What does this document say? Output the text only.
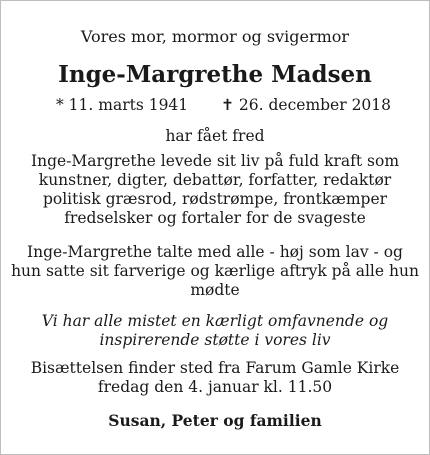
Vores mor, mormor og svigermor
Inge-Margrethe Madsen
* 11. marts 1941 ✝ 26. december 2018
har fået fred
Inge-Margrethe levede sit liv på fuld kraft som
kunstner, digter, debattør, forfatter, redaktør
politisk græsrod, rødstrømpe, frontkæmper
fredselsker og fortaler for de svageste
Inge-Margrethe talte med alle - høj som lav - og
hun satte sit farverige og kærlige aftryk på alle hun
mødte
Vi har alle mistet en kærligt omfavnende og
inspirerende støtte i vores liv
Bisættelsen finder sted fra Farum Gamle Kirke
fredag den 4. januar kl. 11.50
Susan, Peter og familien
